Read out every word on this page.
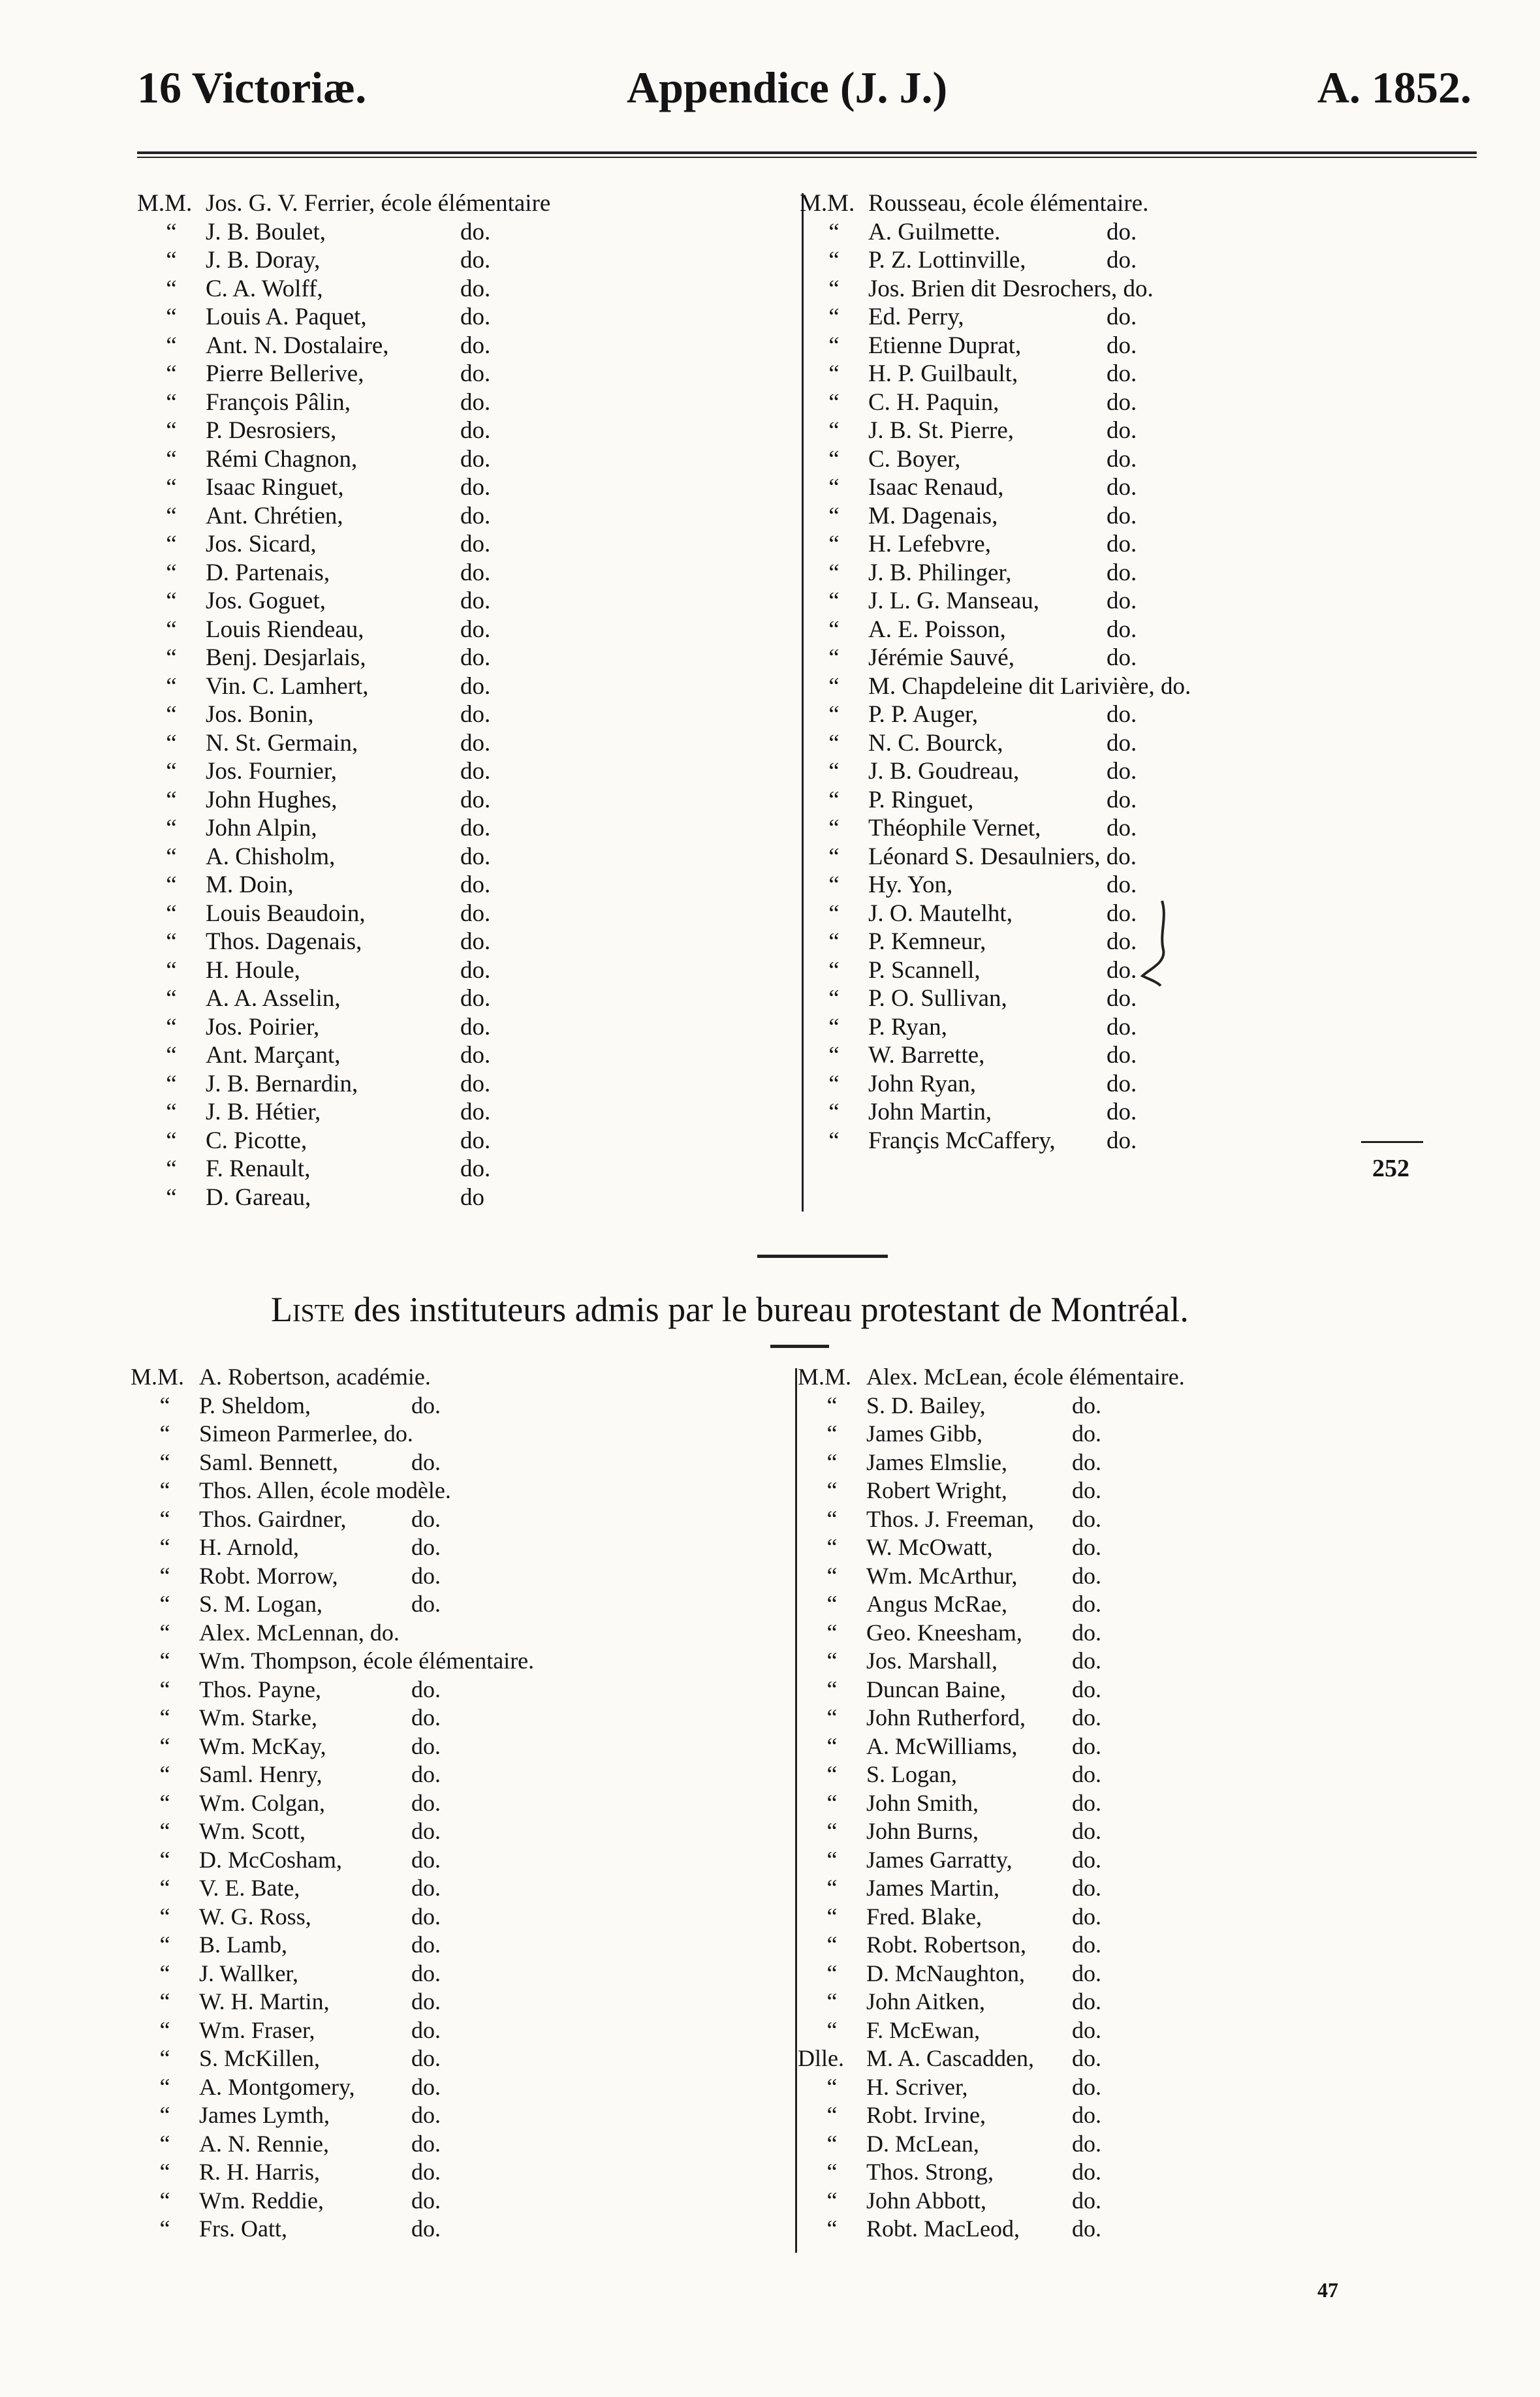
16 Victoriæ.	Appendice (J. J.)	A. 1852.
M.M. Jos. G. V. Ferrier, école élémentaire
“	J. B. Boulet,	do.
“	J. B. Doray,	do.
“	C. A. Wolff,	do.
“	Louis A. Paquet,	do.
“	Ant. N. Dostalaire,	do.
“	Pierre Bellerive,	do.
“	François Pâlin,	do.
“	P. Desrosiers,	do.
“	Rémi Chagnon,	do.
“	Isaac Ringuet,	do.
“	Ant. Chrétien,	do.
“	Jos. Sicard,	do.
“	D. Partenais,	do.
“	Jos. Goguet,	do.
“	Louis Riendeau,	do.
“	Benj. Desjarlais,	do.
“	Vin. C. Lamhert,	do.
“	Jos. Bonin,	do.
“	N. St. Germain,	do.
“	Jos. Fournier,	do.
“	John Hughes,	do.
“	John Alpin,	do.
“	A. Chisholm,	do.
“	M. Doin,	do.
“	Louis Beaudoin,	do.
“	Thos. Dagenais,	do.
“	H. Houle,	do.
“	A. A. Asselin,	do.
“	Jos. Poirier,	do.
“	Ant. Marçant,	do.
“	J. B. Bernardin,	do.
“	J. B. Hétier,	do.
“	C. Picotte,	do.
“	F. Renault,	do.
“	D. Gareau,	do
M.M. Rousseau, école élémentaire.
“	A. Guilmette.	do.
“	P. Z. Lottinville,	do.
“	Jos. Brien dit Desrochers, do.
“	Ed. Perry,	do.
“	Etienne Duprat,	do.
“	H. P. Guilbault,	do.
“	C. H. Paquin,	do.
“	J. B. St. Pierre,	do.
“	C. Boyer,	do.
“	Isaac Renaud,	do.
“	M. Dagenais,	do.
“	H. Lefebvre,	do.
“	J. B. Philinger,	do.
“	J. L. G. Manseau,	do.
“	A. E. Poisson,	do.
“	Jérémie Sauvé,	do.
“	M. Chapdeleine dit Larivière, do.
“	P. P. Auger,	do.
“	N. C. Bourck,	do.
“	J. B. Goudreau,	do.
“	P. Ringuet,	do.
“	Théophile Vernet,	do.
“	Léonard S. Desaulniers, do.
“	Hy. Yon,	do.
“	J. O. Mautelht,	do.
“	P. Kemneur,	do.
“	P. Scannell,	do.
“	P. O. Sullivan,	do.
“	P. Ryan,	do.
“	W. Barrette,	do.
“	John Ryan,	do.
“	John Martin,	do.
“	Françis McCaffery,	do.
252
Liste des instituteurs admis par le bureau protestant de Montréal.
M.M. A. Robertson, académie.
“	P. Sheldom,	do.
“	Simeon Parmerlee, do.
“	Saml. Bennett,	do.
“	Thos. Allen, école modèle.
“	Thos. Gairdner,	do.
“	H. Arnold,	do.
“	Robt. Morrow,	do.
“	S. M. Logan,	do.
“	Alex. McLennan, do.
“	Wm. Thompson, école élémentaire.
“	Thos. Payne,	do.
“	Wm. Starke,	do.
“	Wm. McKay,	do.
“	Saml. Henry,	do.
“	Wm. Colgan,	do.
“	Wm. Scott,	do.
“	D. McCosham,	do.
“	V. E. Bate,	do.
“	W. G. Ross,	do.
“	B. Lamb,	do.
“	J. Wallker,	do.
“	W. H. Martin,	do.
“	Wm. Fraser,	do.
“	S. McKillen,	do.
“	A. Montgomery,	do.
“	James Lymth,	do.
“	A. N. Rennie,	do.
“	R. H. Harris,	do.
“	Wm. Reddie,	do.
“	Frs. Oatt,	do.
M.M. Alex. McLean, école élémentaire.
“	S. D. Bailey,	do.
“	James Gibb,	do.
“	James Elmslie,	do.
“	Robert Wright,	do.
“	Thos. J. Freeman,	do.
“	W. McOwatt,	do.
“	Wm. McArthur,	do.
“	Angus McRae,	do.
“	Geo. Kneesham,	do.
“	Jos. Marshall,	do.
“	Duncan Baine,	do.
“	John Rutherford,	do.
“	A. McWilliams,	do.
“	S. Logan,	do.
“	John Smith,	do.
“	John Burns,	do.
“	James Garratty,	do.
“	James Martin,	do.
“	Fred. Blake,	do.
“	Robt. Robertson,	do.
“	D. McNaughton,	do.
“	John Aitken,	do.
“	F. McEwan,	do.
Dlle. M. A. Cascadden,	do.
“	H. Scriver,	do.
“	Robt. Irvine,	do.
“	D. McLean,	do.
“	Thos. Strong,	do.
“	John Abbott,	do.
“	Robt. MacLeod,	do.
47
